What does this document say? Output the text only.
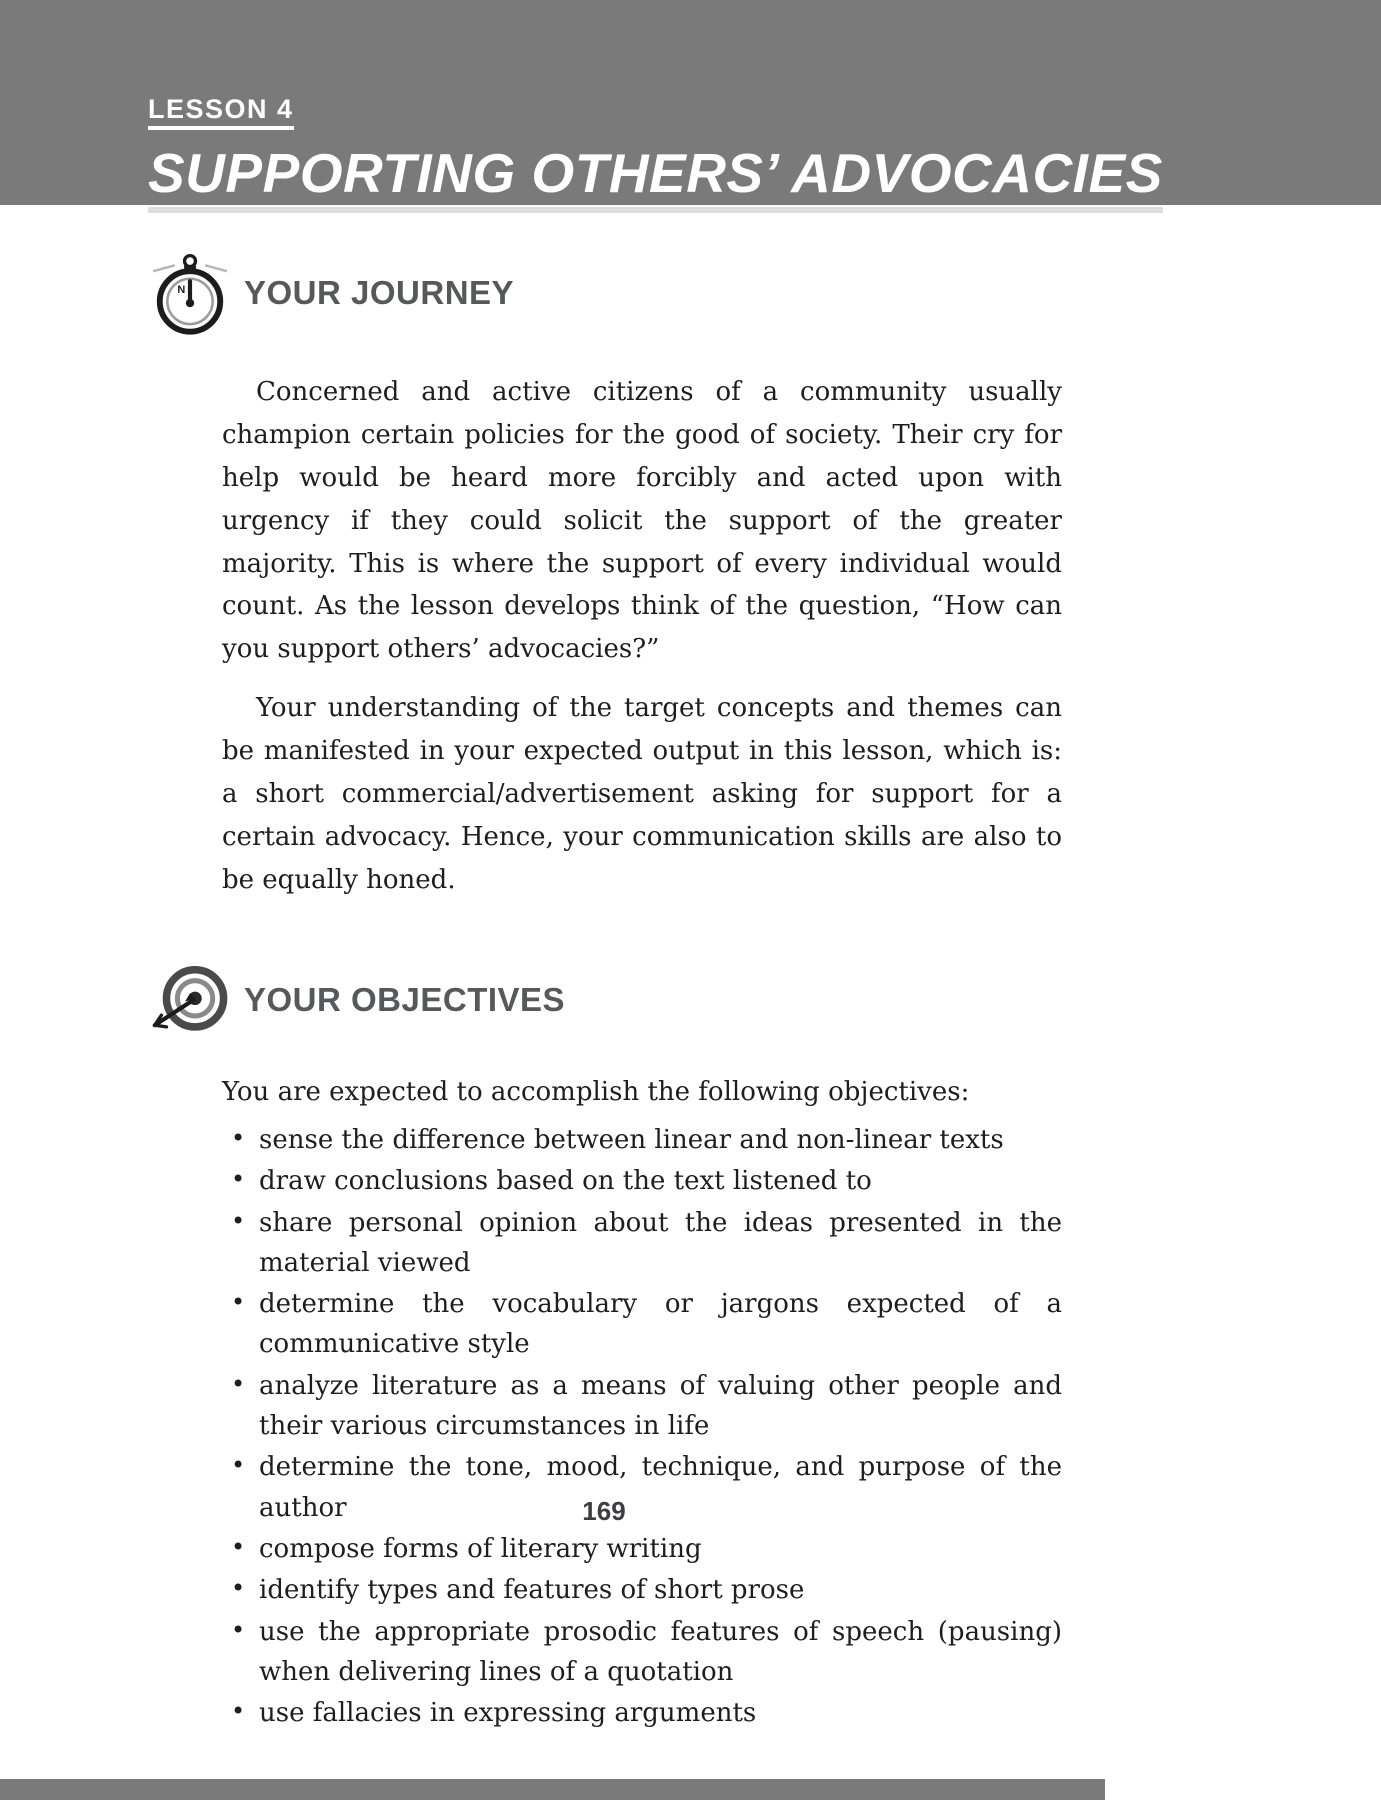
LESSON 4
SUPPORTING OTHERS’ ADVOCACIES
N YOUR JOURNEY

Concerned and active citizens of a community usually champion certain policies for the good of society. Their cry for help would be heard more forcibly and acted upon with urgency if they could solicit the support of the greater majority. This is where the support of every individual would count. As the lesson develops think of the question, “How can you support others’ advocacies?”

Your understanding of the target concepts and themes can be manifested in your expected output in this lesson, which is: a short commercial/advertisement asking for support for a certain advocacy. Hence, your communication skills are also to be equally honed.

YOUR OBJECTIVES

You are expected to accomplish the following objectives:

• sense the difference between linear and non-linear texts
• draw conclusions based on the text listened to
• share personal opinion about the ideas presented in the material viewed
• determine the vocabulary or jargons expected of a communicative style
• analyze literature as a means of valuing other people and their various circumstances in life
• determine the tone, mood, technique, and purpose of the author
• compose forms of literary writing
• identify types and features of short prose
• use the appropriate prosodic features of speech (pausing) when delivering lines of a quotation
• use fallacies in expressing arguments
169
